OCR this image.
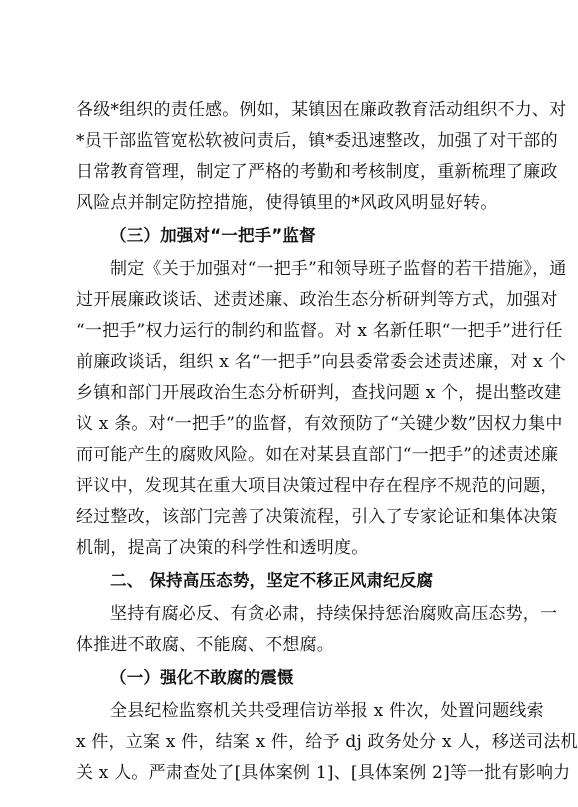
各级*组织的责任感。例如，某镇因在廉政教育活动组织不力、对
*员干部监管宽松软被问责后，镇*委迅速整改，加强了对干部的
日常教育管理，制定了严格的考勤和考核制度，重新梳理了廉政
风险点并制定防控措施，使得镇里的*风政风明显好转。
（三）加强对“一把手”监督
制定《关于加强对“一把手”和领导班子监督的若干措施》，通
过开展廉政谈话、述责述廉、政治生态分析研判等方式，加强对
“一把手”权力运行的制约和监督。对 x 名新任职“一把手”进行任
前廉政谈话，组织 x 名“一把手”向县委常委会述责述廉，对 x 个
乡镇和部门开展政治生态分析研判，查找问题 x 个，提出整改建
议 x 条。对“一把手”的监督，有效预防了“关键少数”因权力集中
而可能产生的腐败风险。如在对某县直部门“一把手”的述责述廉
评议中，发现其在重大项目决策过程中存在程序不规范的问题，
经过整改，该部门完善了决策流程，引入了专家论证和集体决策
机制，提高了决策的科学性和透明度。
二、 保持高压态势，坚定不移正风肃纪反腐
坚持有腐必反、有贪必肃，持续保持惩治腐败高压态势，一
体推进不敢腐、不能腐、不想腐。
（一）强化不敢腐的震慑
全县纪检监察机关共受理信访举报 x 件次，处置问题线索
x 件，立案 x 件，结案 x 件，给予 dj 政务处分 x 人，移送司法机
关 x 人。严肃查处了[具体案例 1]、[具体案例 2]等一批有影响力
